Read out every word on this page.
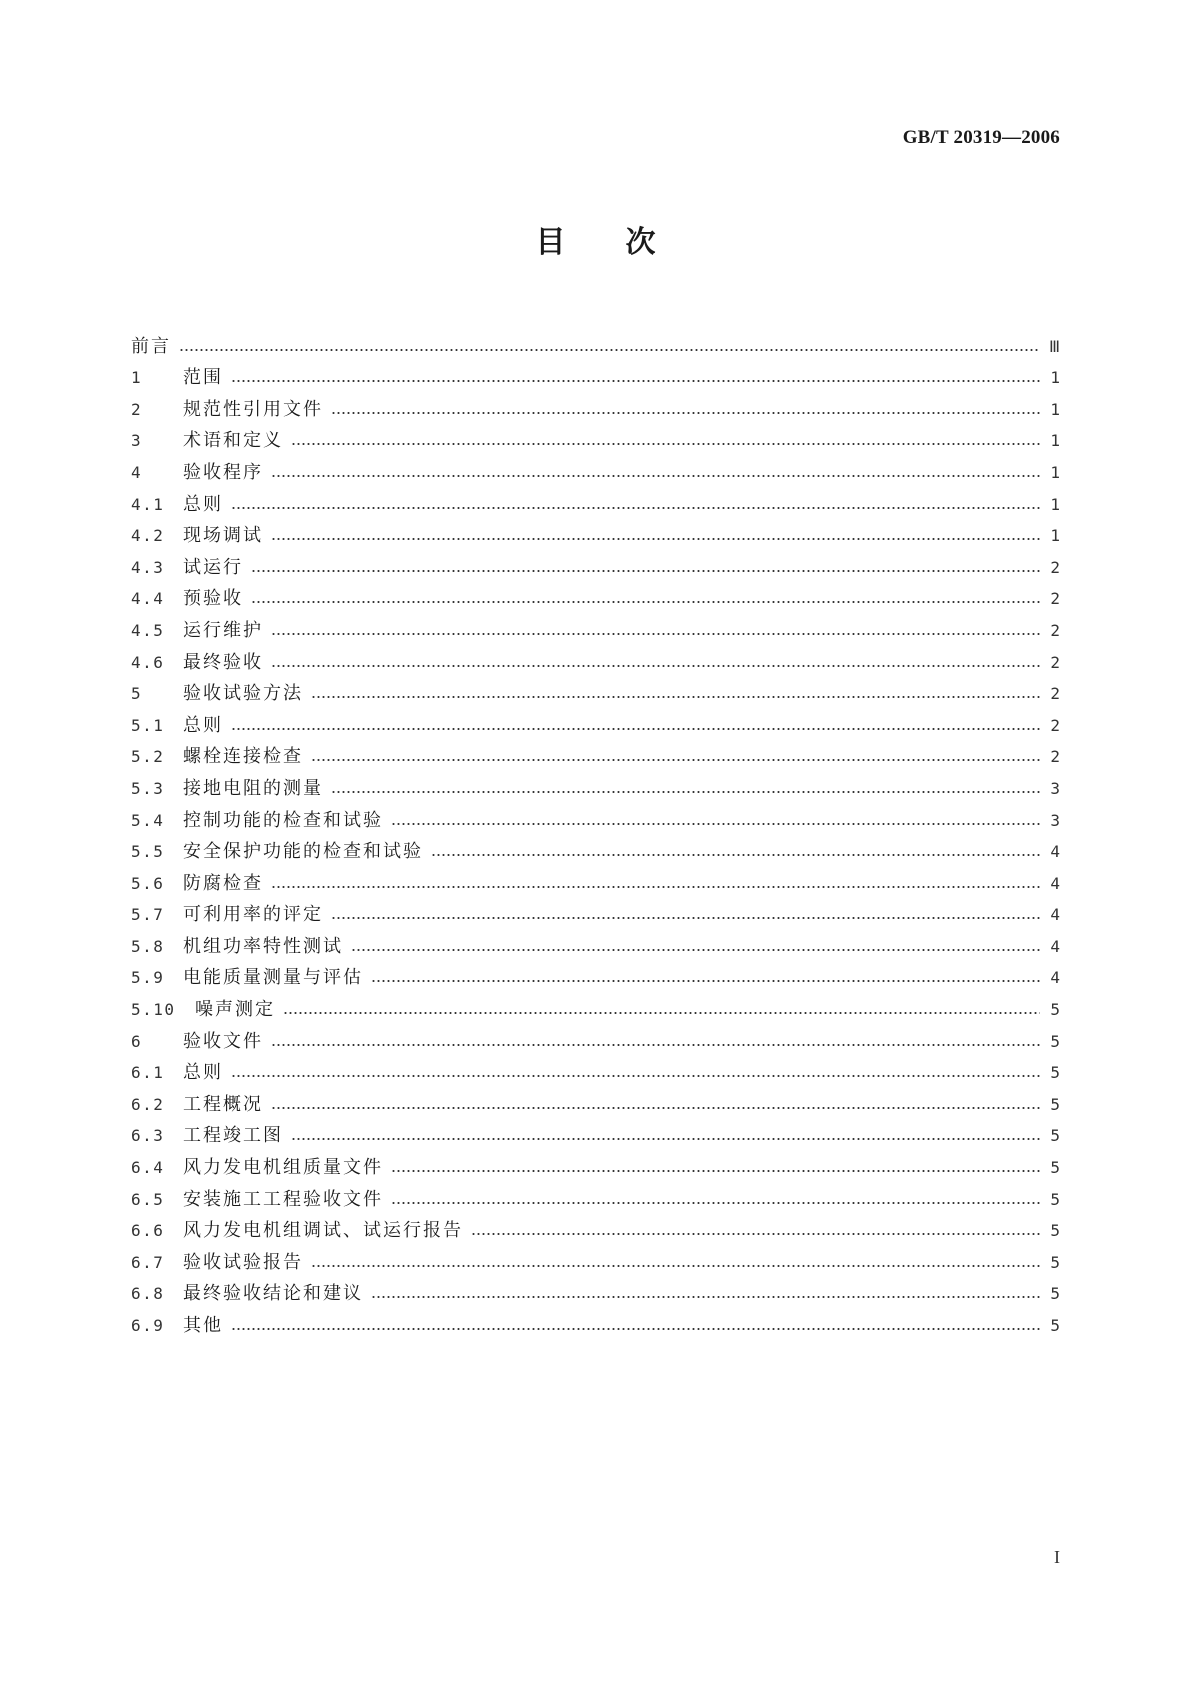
GB/T 20319—2006
目次
前言	Ⅲ
1	范围	1
2	规范性引用文件	1
3	术语和定义	1
4	验收程序	1
4.1	总则	1
4.2	现场调试	1
4.3	试运行	2
4.4	预验收	2
4.5	运行维护	2
4.6	最终验收	2
5	验收试验方法	2
5.1	总则	2
5.2	螺栓连接检查	2
5.3	接地电阻的测量	3
5.4	控制功能的检查和试验	3
5.5	安全保护功能的检查和试验	4
5.6	防腐检查	4
5.7	可利用率的评定	4
5.8	机组功率特性测试	4
5.9	电能质量测量与评估	4
5.10	噪声测定	5
6	验收文件	5
6.1	总则	5
6.2	工程概况	5
6.3	工程竣工图	5
6.4	风力发电机组质量文件	5
6.5	安装施工工程验收文件	5
6.6	风力发电机组调试、试运行报告	5
6.7	验收试验报告	5
6.8	最终验收结论和建议	5
6.9	其他	5
I
